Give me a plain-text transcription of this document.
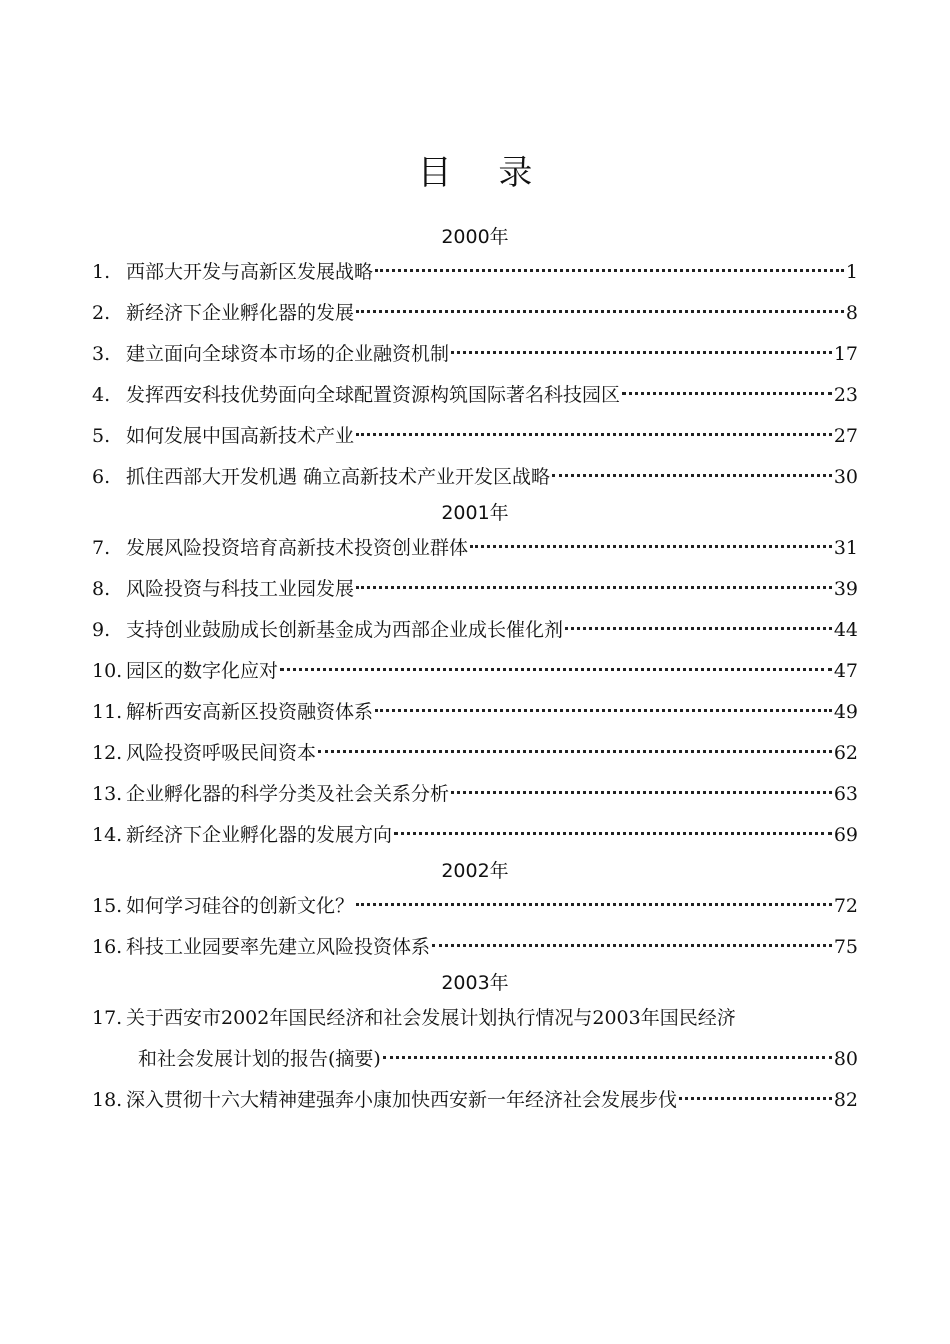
目 录
2000年
1. 西部大开发与高新区发展战略	1
2. 新经济下企业孵化器的发展	8
3. 建立面向全球资本市场的企业融资机制	17
4. 发挥西安科技优势面向全球配置资源构筑国际著名科技园区	23
5. 如何发展中国高新技术产业	27
6. 抓住西部大开发机遇 确立高新技术产业开发区战略	30
2001年
7. 发展风险投资培育高新技术投资创业群体	31
8. 风险投资与科技工业园发展	39
9. 支持创业鼓励成长创新基金成为西部企业成长催化剂	44
10. 园区的数字化应对	47
11. 解析西安高新区投资融资体系	49
12. 风险投资呼吸民间资本	62
13. 企业孵化器的科学分类及社会关系分析	63
14. 新经济下企业孵化器的发展方向	69
2002年
15. 如何学习硅谷的创新文化？	72
16. 科技工业园要率先建立风险投资体系	75
2003年
17. 关于西安市2002年国民经济和社会发展计划执行情况与2003年国民经济
和社会发展计划的报告(摘要)	80
18. 深入贯彻十六大精神建强奔小康加快西安新一年经济社会发展步伐	82
